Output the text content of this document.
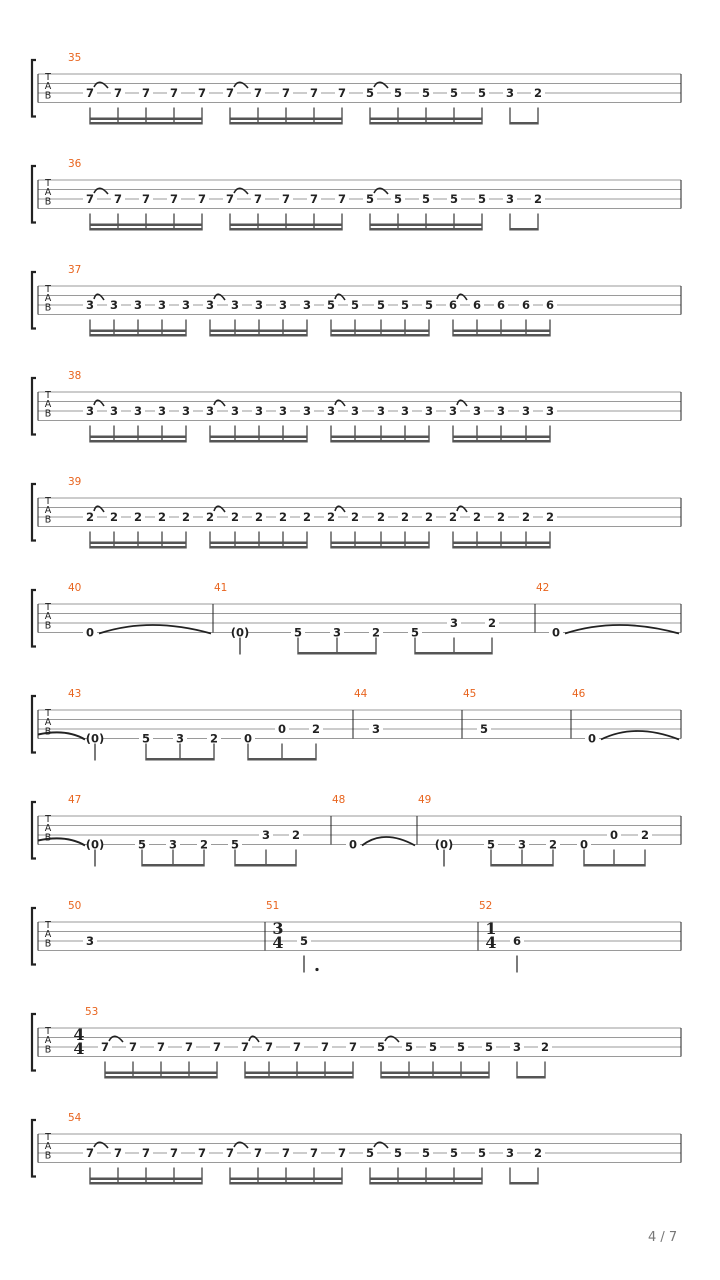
T
A
B
35
7 7 7 7 7 7 7 7 7 7 5 5 5 5 5 3 2
T
A
B
36
7 7 7 7 7 7 7 7 7 7 5 5 5 5 5 3 2
T
A
B
37
3 3 3 3 3 3 3 3 3 3 5 5 5 5 5 6 6 6 6 6
T
A
B
38
3 3 3 3 3 3 3 3 3 3 3 3 3 3 3 3 3 3 3 3
T
A
B
39
2 2 2 2 2 2 2 2 2 2 2 2 2 2 2 2 2 2 2 2
T
A
B
40
0
41
(0)	5	3	2	5
3	2
42
0
T
A
B
43
(0)	5 3 2 0
0 2
44
3
45
5
46
0
T
A
B
47
(0)	5 3 2 5
3 2
48
0
49
(0)	5 3 2 0
0 2
T
A
B
50
3
51
3
4 5
52
1
4 6
T
A
B
53
4
4 7 7 7 7 7 7 7 7 7 7 5 5 5 5 5 3 2
T
A
B
54
7 7 7 7 7 7 7 7 7 7 5 5 5 5 5 3 2
4 / 7
